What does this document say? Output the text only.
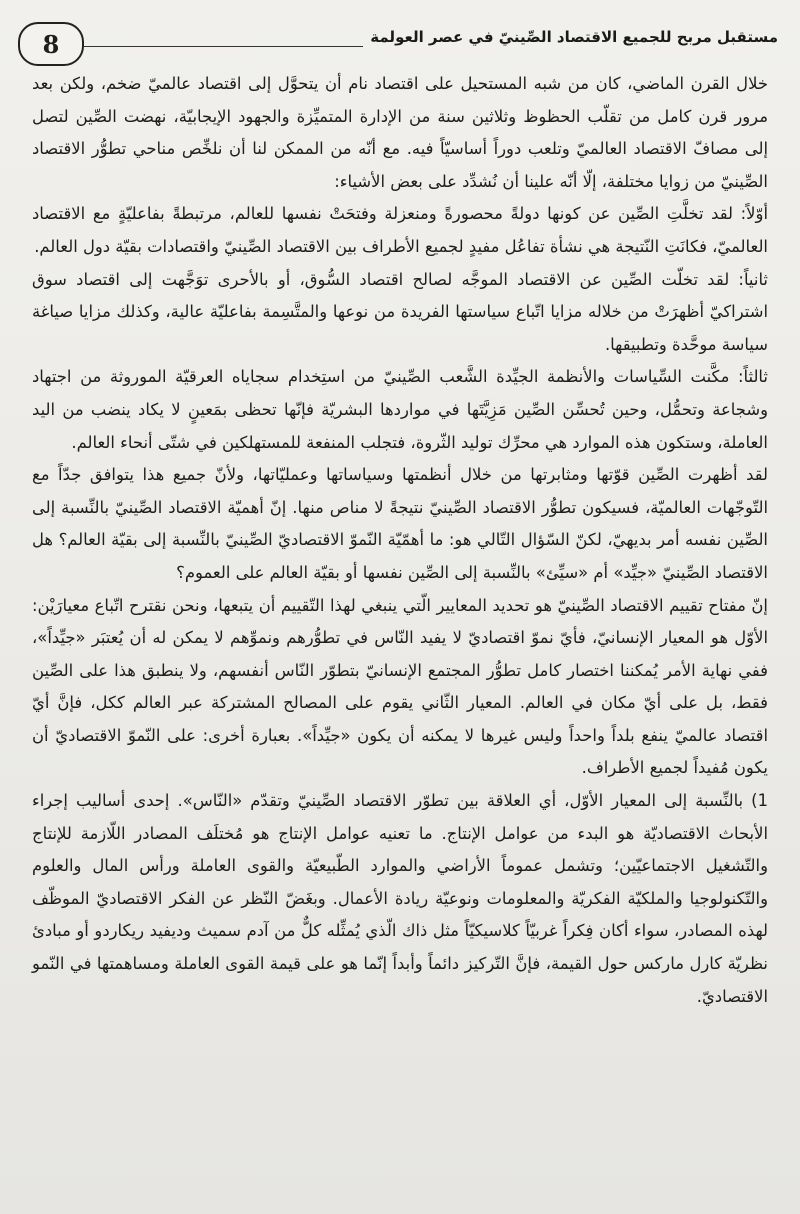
8	مستقبل مربح للجميع الاقتصاد الصِّينيّ في عصر العولمة

خلال القرن الماضي، كان من شبه المستحيل على اقتصاد نام أن يتحوَّل إلى اقتصاد عالميّ ضخم، ولكن بعد مرور قرن كامل من تقلّب الحظوظ وثلاثين سنة من الإدارة المتميِّزة والجهود الإيجابيّة، نهضت الصِّين لتصل إلى مصافّ الاقتصاد العالميّ وتلعب دوراً أساسيّاً فيه. مع أنّه من الممكن لنا أن نلخِّص مناحي تطوُّر الاقتصاد الصِّينيّ من زوايا مختلفة، إلّا أنّه علينا أن نُشدِّد على بعض الأشياء:

أوّلاً: لقد تخلَّتِ الصِّين عن كونها دولةً محصورةً ومنعزلة وفتحَتْ نفسها للعالم، مرتبطةً بفاعليّةٍ مع الاقتصاد العالميّ، فكانَتِ النّتيجة هي نشأة تفاعُل مفيدٍ لجميع الأطراف بين الاقتصاد الصِّينيّ واقتصادات بقيّة دول العالم.

ثانياً: لقد تخلّت الصِّين عن الاقتصاد الموجَّه لصالح اقتصاد السُّوق، أو بالأحرى توَجَّهت إلى اقتصاد سوق اشتراكيّ أظهرَتْ من خلاله مزايا اتّباع سياستها الفريدة من نوعها والمتَّسِمة بفاعليّة عالية، وكذلك مزايا صياغة سياسة موحَّدة وتطبيقها.

ثالثاً: مكَّنت السِّياسات والأنظمة الجيِّدة الشَّعب الصِّينيّ من استِخدام سجاياه العرقيّة الموروثة من اجتهاد وشجاعة وتحمُّل، وحين تُحسِّن الصِّين مَزِيَّتَها في مواردها البشريّة فإنّها تحظى بمَعينٍ لا يكاد ينضب من اليد العاملة، وستكون هذه الموارد هي محرِّك توليد الثّروة، فتجلب المنفعة للمستهلكين في شتّى أنحاء العالم.

لقد أظهرت الصِّين قوّتها ومثابرتها من خلال أنظمتها وسياساتها وعمليّاتها، ولأنّ جميع هذا يتوافق جدّاً مع التّوجّهات العالميّة، فسيكون تطوُّر الاقتصاد الصِّينيّ نتيجةً لا مناص منها. إنّ أهميّة الاقتصاد الصِّينيّ بالنِّسبة إلى الصِّين نفسه أمر بديهيّ، لكنّ السّؤال التّالي هو: ما أهمّيّة النّموّ الاقتصاديّ الصِّينيّ بالنِّسبة إلى بقيّة العالم؟ هل الاقتصاد الصِّينيّ «جيِّد» أم «سيِّئ» بالنِّسبة إلى الصِّين نفسها أو بقيّة العالم على العموم؟

إنّ مفتاح تقييم الاقتصاد الصِّينيّ هو تحديد المعايير الّتي ينبغي لهذا التّقييم أن يتبعها، ونحن نقترح اتّباع معيارَيْن: الأوّل هو المعيار الإنسانيّ، فأيّ نموّ اقتصاديّ لا يفيد النّاس في تطوُّرهم ونموِّهم لا يمكن له أن يُعتبَر «جيِّداً»، ففي نهاية الأمر يُمكننا اختصار كامل تطوُّر المجتمع الإنسانيّ بتطوّر النّاس أنفسهم، ولا ينطبق هذا على الصِّين فقط، بل على أيّ مكان في العالم. المعيار الثّاني يقوم على المصالح المشتركة عبر العالم ككل، فإنَّ أيّ اقتصاد عالميّ ينفع بلداً واحداً وليس غيرها لا يمكنه أن يكون «جيِّداً». بعبارة أخرى: على النّموّ الاقتصاديّ أن يكون مُفيداً لجميع الأطراف.

1) بالنِّسبة إلى المعيار الأوّل، أي العلاقة بين تطوّر الاقتصاد الصِّينيّ وتقدّم «النّاس». إحدى أساليب إجراء الأبحاث الاقتصاديّة هو البدء من عوامل الإنتاج. ما تعنيه عوامل الإنتاج هو مُختلَف المصادر اللّازمة للإنتاج والتّشغيل الاجتماعيّين؛ وتشمل عموماً الأراضي والموارد الطّبيعيّة والقوى العاملة ورأس المال والعلوم والتّكنولوجيا والملكيّة الفكريّة والمعلومات ونوعيّة ريادة الأعمال. وبغَضّ النّظر عن الفكر الاقتصاديّ الموظّف لهذه المصادر، سواء أكان فِكراً غربيّاً كلاسيكيّاً مثل ذاك الّذي يُمثِّله كلٌّ من آدم سميث وديفيد ريكاردو أو مبادئ نظريّة كارل ماركس حول القيمة، فإنَّ التّركيز دائماً وأبداً إنّما هو على قيمة القوى العاملة ومساهمتها في النّمو الاقتصاديّ.
